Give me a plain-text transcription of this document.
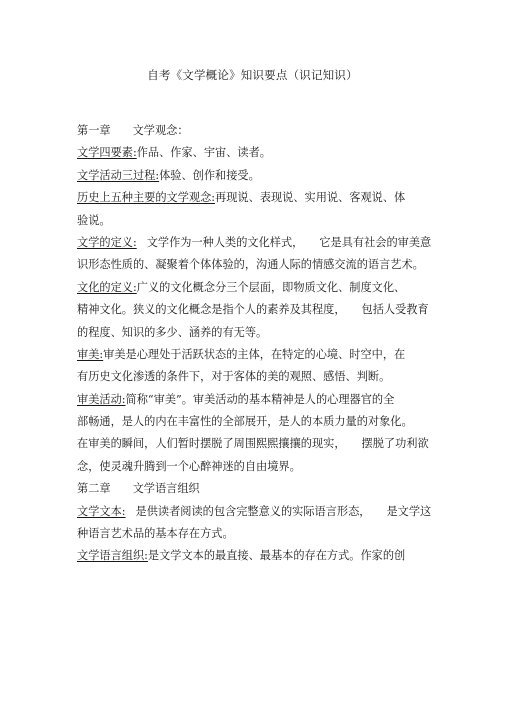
自考《文学概论》知识要点（识记知识）
第一章 文学观念：
文学四要素:作品、作家、宇宙、读者。
文学活动三过程:体验、创作和接受。
历史上五种主要的文学观念:再现说、表现说、实用说、客观说、体
验说。
文学的定义: 文学作为一种人类的文化样式， 它是具有社会的审美意
识形态性质的、凝聚着个体体验的，沟通人际的情感交流的语言艺术。
文化的定义:广义的文化概念分三个层面，即物质文化、制度文化、
精神文化。狭义的文化概念是指个人的素养及其程度， 包括人受教育
的程度、知识的多少、涵养的有无等。
审美:审美是心理处于活跃状态的主体，在特定的心境、时空中，在
有历史文化渗透的条件下，对于客体的美的观照、感悟、判断。
审美活动:简称“审美”。审美活动的基本精神是人的心理器官的全
部畅通，是人的内在丰富性的全部展开，是人的本质力量的对象化。
在审美的瞬间，人们暂时摆脱了周围熙熙攘攘的现实， 摆脱了功利欲
念，使灵魂升腾到一个心醉神迷的自由境界。
第二章 文学语言组织
文学文本: 是供读者阅读的包含完整意义的实际语言形态， 是文学这
种语言艺术品的基本存在方式。
文学语言组织:是文学文本的最直接、最基本的存在方式。作家的创
